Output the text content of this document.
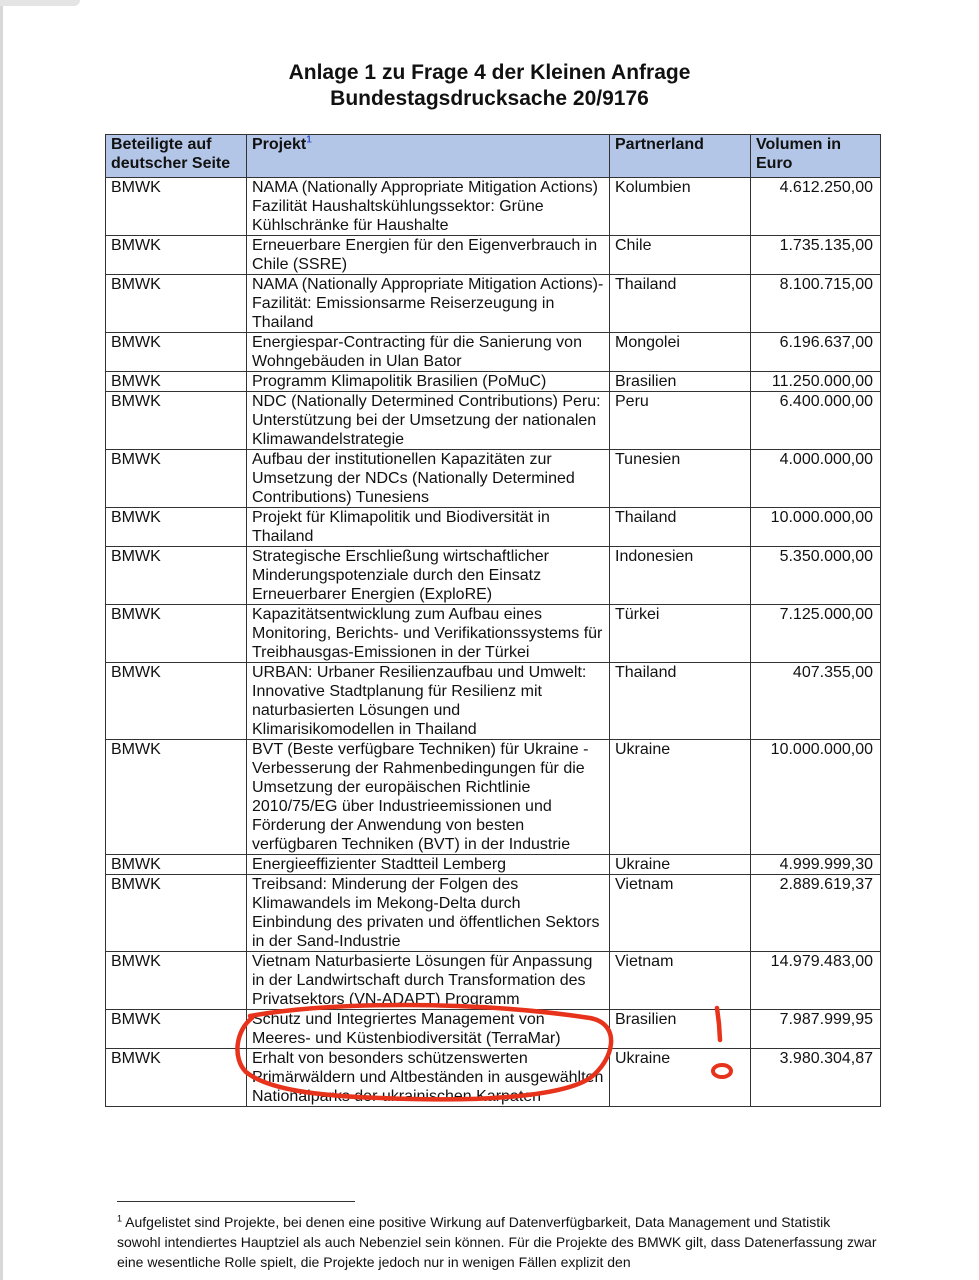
Anlage 1 zu Frage 4 der Kleinen Anfrage
Bundestagsdrucksache 20/9176
Beteiligte auf deutscher Seite	Projekt$^1$	Partnerland	Volumen in Euro
BMWK	NAMA (Nationally Appropriate Mitigation Actions) Fazilität Haushaltskühlungssektor: Grüne Kühlschränke für Haushalte	Kolumbien	4.612.250,00
BMWK	Erneuerbare Energien für den Eigenverbrauch in Chile (SSRE)	Chile	1.735.135,00
BMWK	NAMA (Nationally Appropriate Mitigation Actions)-Fazilität: Emissionsarme Reiserzeugung in Thailand	Thailand	8.100.715,00
BMWK	Energiespar-Contracting für die Sanierung von Wohngebäuden in Ulan Bator	Mongolei	6.196.637,00
BMWK	Programm Klimapolitik Brasilien (PoMuC)	Brasilien	11.250.000,00
BMWK	NDC (Nationally Determined Contributions) Peru: Unterstützung bei der Umsetzung der nationalen Klimawandelstrategie	Peru	6.400.000,00
BMWK	Aufbau der institutionellen Kapazitäten zur Umsetzung der NDCs (Nationally Determined Contributions) Tunesiens	Tunesien	4.000.000,00
BMWK	Projekt für Klimapolitik und Biodiversität in Thailand	Thailand	10.000.000,00
BMWK	Strategische Erschließung wirtschaftlicher Minderungspotenziale durch den Einsatz Erneuerbarer Energien (ExploRE)	Indonesien	5.350.000,00
BMWK	Kapazitätsentwicklung zum Aufbau eines Monitoring, Berichts- und Verifikationssystems für Treibhausgas-Emissionen in der Türkei	Türkei	7.125.000,00
BMWK	URBAN: Urbaner Resilienzaufbau und Umwelt: Innovative Stadtplanung für Resilienz mit naturbasierten Lösungen und Klimarisikomodellen in Thailand	Thailand	407.355,00
BMWK	BVT (Beste verfügbare Techniken) für Ukraine - Verbesserung der Rahmenbedingungen für die Umsetzung der europäischen Richtlinie 2010/75/EG über Industrieemissionen und Förderung der Anwendung von besten verfügbaren Techniken (BVT) in der Industrie	Ukraine	10.000.000,00
BMWK	Energieeffizienter Stadtteil Lemberg	Ukraine	4.999.999,30
BMWK	Treibsand: Minderung der Folgen des Klimawandels im Mekong-Delta durch Einbindung des privaten und öffentlichen Sektors in der Sand-Industrie	Vietnam	2.889.619,37
BMWK	Vietnam Naturbasierte Lösungen für Anpassung in der Landwirtschaft durch Transformation des Privatsektors (VN-ADAPT) Programm	Vietnam	14.979.483,00
BMWK	Schutz und Integriertes Management von Meeres- und Küstenbiodiversität (TerraMar)	Brasilien	7.987.999,95
BMWK	Erhalt von besonders schützenswerten Primärwäldern und Altbeständen in ausgewählten Nationalparks der ukrainischen Karpaten	Ukraine	3.980.304,87
$^1$ Aufgelistet sind Projekte, bei denen eine positive Wirkung auf Datenverfügbarkeit, Data Management und Statistik sowohl intendiertes Hauptziel als auch Nebenziel sein können. Für die Projekte des BMWK gilt, dass Datenerfassung zwar eine wesentliche Rolle spielt, die Projekte jedoch nur in wenigen Fällen explizit den
